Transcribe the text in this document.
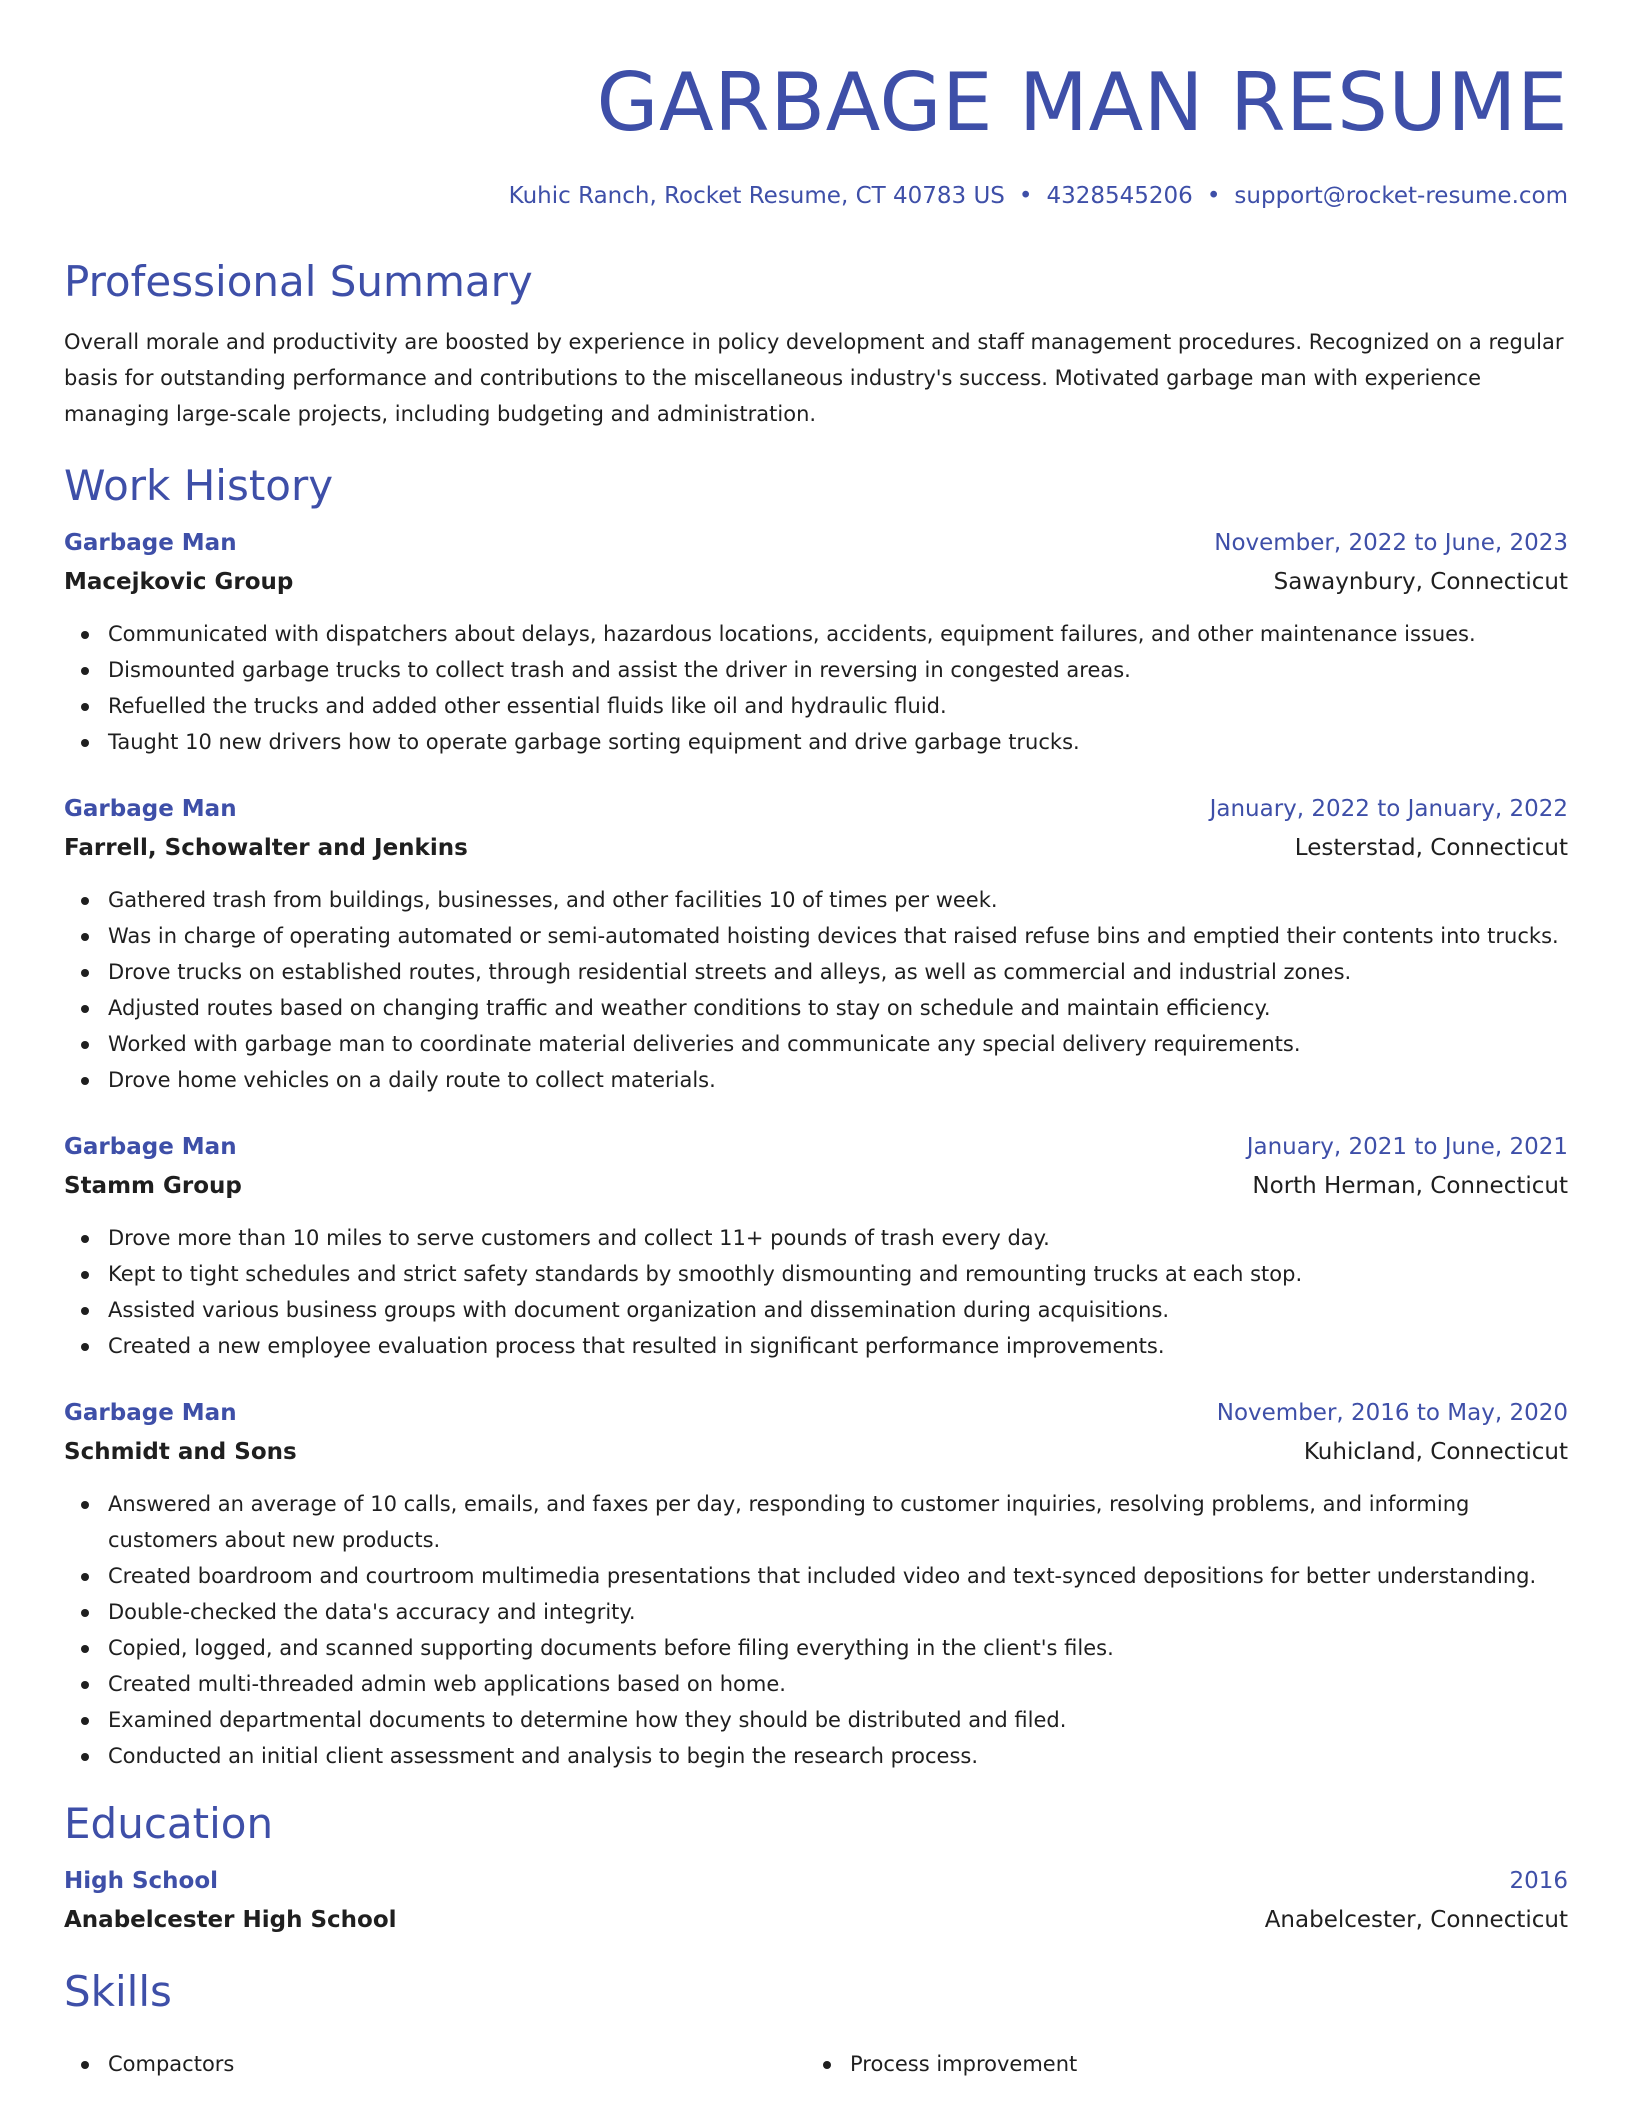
GARBAGE MAN RESUME
Kuhic Ranch, Rocket Resume, CT 40783 US • 4328545206 • support@rocket-resume.com
Professional Summary

Overall morale and productivity are boosted by experience in policy development and staff management procedures. Recognized on a regular basis for outstanding performance and contributions to the miscellaneous industry's success. Motivated garbage man with experience managing large-scale projects, including budgeting and administration.

Work History
Garbage Man	November, 2022 to June, 2023
Macejkovic Group	Sawaynbury, Connecticut
Communicated with dispatchers about delays, hazardous locations, accidents, equipment failures, and other maintenance issues.
Dismounted garbage trucks to collect trash and assist the driver in reversing in congested areas.
Refuelled the trucks and added other essential fluids like oil and hydraulic fluid.
Taught 10 new drivers how to operate garbage sorting equipment and drive garbage trucks.
Garbage Man	January, 2022 to January, 2022
Farrell, Schowalter and Jenkins	Lesterstad, Connecticut
Gathered trash from buildings, businesses, and other facilities 10 of times per week.
Was in charge of operating automated or semi-automated hoisting devices that raised refuse bins and emptied their contents into trucks.
Drove trucks on established routes, through residential streets and alleys, as well as commercial and industrial zones.
Adjusted routes based on changing traffic and weather conditions to stay on schedule and maintain efficiency.
Worked with garbage man to coordinate material deliveries and communicate any special delivery requirements.
Drove home vehicles on a daily route to collect materials.
Garbage Man	January, 2021 to June, 2021
Stamm Group	North Herman, Connecticut
Drove more than 10 miles to serve customers and collect 11+ pounds of trash every day.
Kept to tight schedules and strict safety standards by smoothly dismounting and remounting trucks at each stop.
Assisted various business groups with document organization and dissemination during acquisitions.
Created a new employee evaluation process that resulted in significant performance improvements.
Garbage Man	November, 2016 to May, 2020
Schmidt and Sons	Kuhicland, Connecticut
Answered an average of 10 calls, emails, and faxes per day, responding to customer inquiries, resolving problems, and informing customers about new products.
Created boardroom and courtroom multimedia presentations that included video and text-synced depositions for better understanding.
Double-checked the data's accuracy and integrity.
Copied, logged, and scanned supporting documents before filing everything in the client's files.
Created multi-threaded admin web applications based on home.
Examined departmental documents to determine how they should be distributed and filed.
Conducted an initial client assessment and analysis to begin the research process.
Education
High School	2016
Anabelcester High School	Anabelcester, Connecticut
Skills
Compactors	Process improvement
